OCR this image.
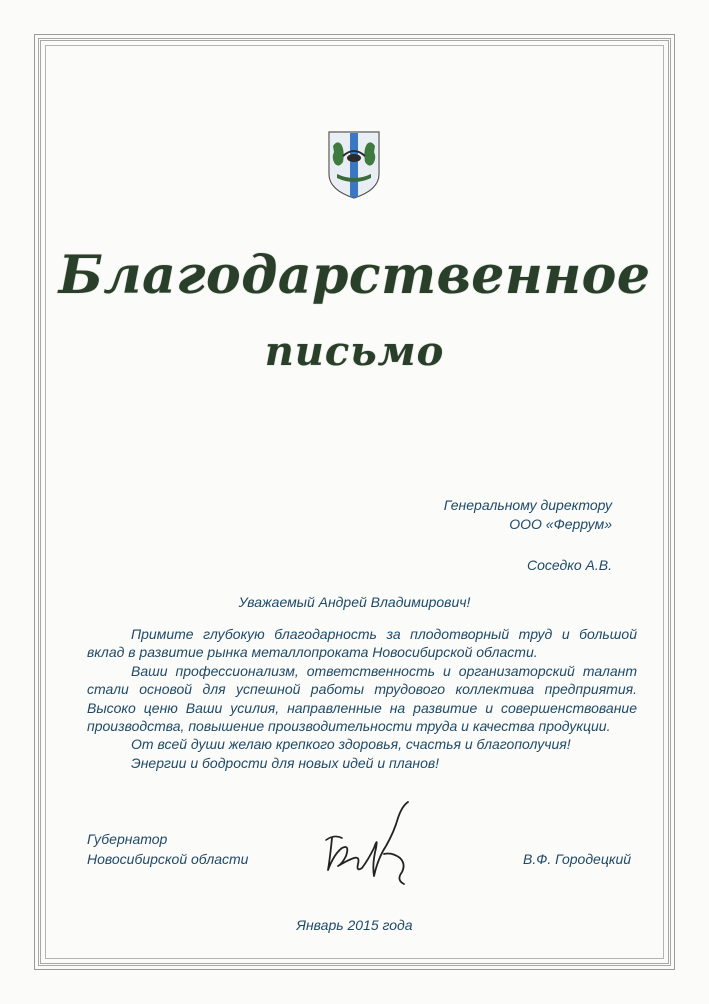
Благодарственное
письмо
Генеральному директору
ООО «Феррум»
Соседко А.В.
Уважаемый Андрей Владимирович!

Примите глубокую благодарность за плодотворный труд и большой вклад в развитие рынка металлопроката Новосибирской области.

Ваши профессионализм, ответственность и организаторский талант стали основой для успешной работы трудового коллектива предприятия. Высоко ценю Ваши усилия, направленные на развитие и совершенствование производства, повышение производительности труда и качества продукции.

От всей души желаю крепкого здоровья, счастья и благополучия!

Энергии и бодрости для новых идей и планов!

Губернатор
Новосибирской области	В.Ф. Городецкий
Январь 2015 года
